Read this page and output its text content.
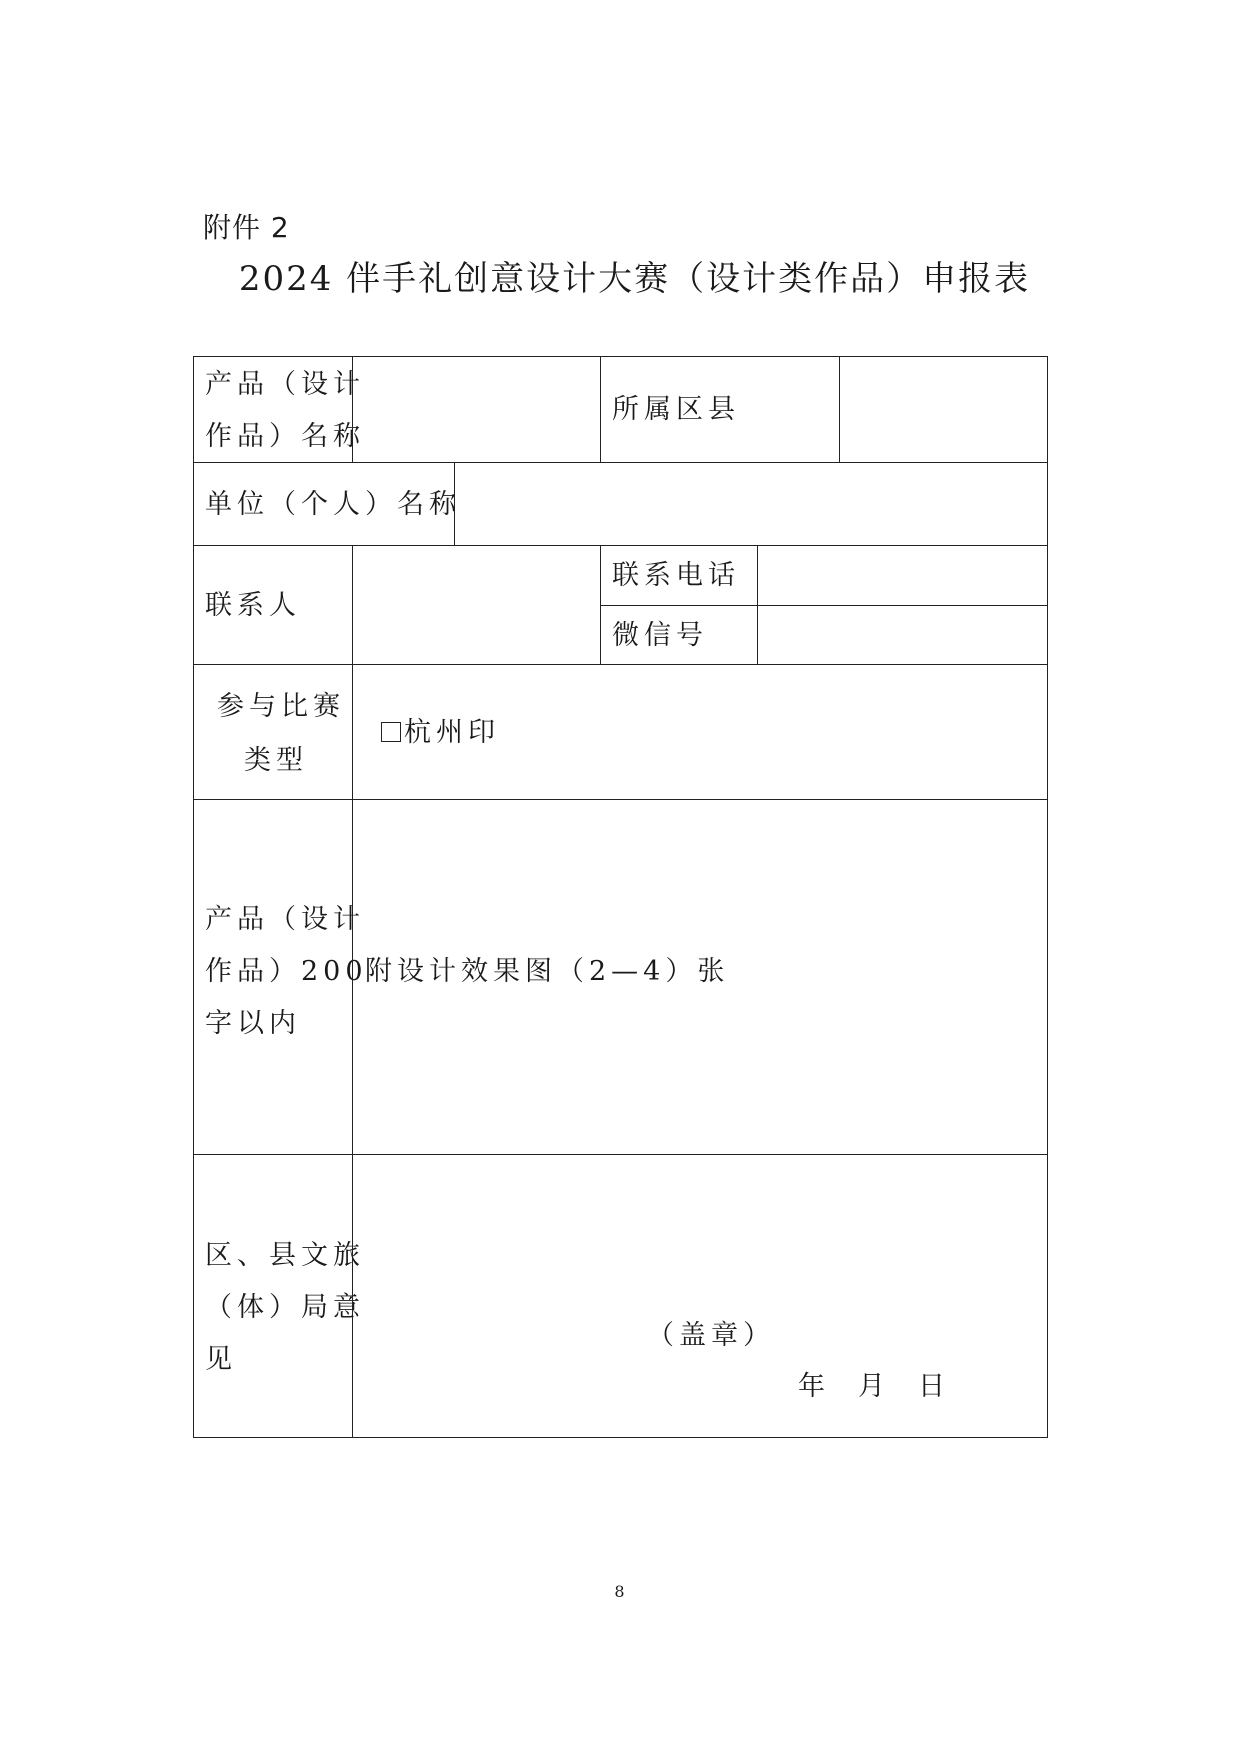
附件 2
2024 伴手礼创意设计大赛（设计类作品）申报表
产品（设计
作品）名称
所属区县
单位（个人）名称
联系人
联系电话
微信号
参与比赛
类型
杭州印
产品（设计
作品）200
字以内
附设计效果图（2—4）张
区、县文旅
（体）局意
见
（盖章）
年 月 日
8
